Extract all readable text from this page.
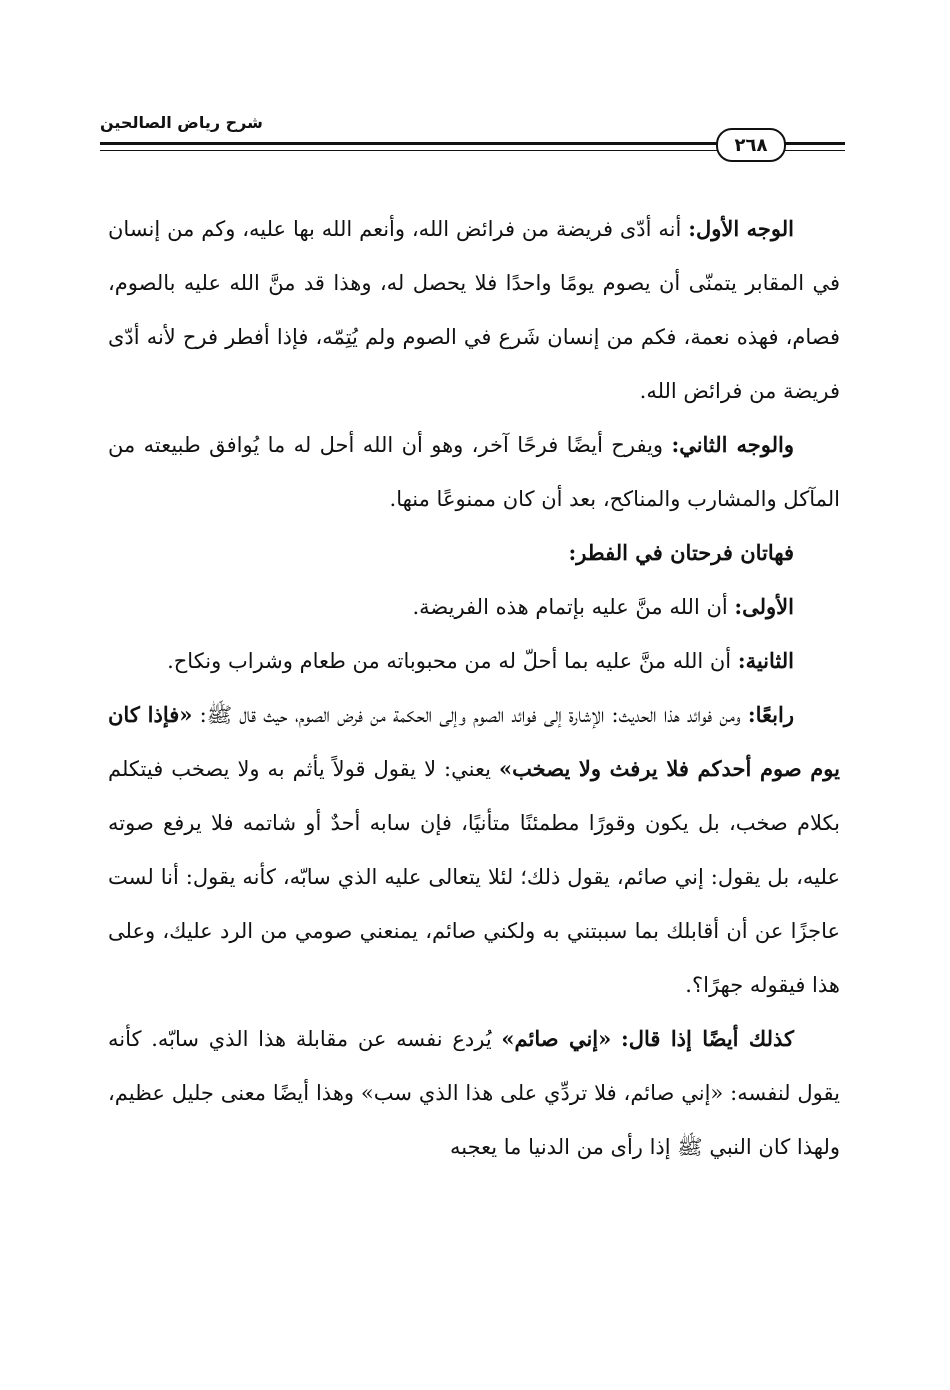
شرح رياض الصالحين
٢٦٨

الوجه الأول: أنه أدّى فريضة من فرائض الله، وأنعم الله بها عليه، وكم من إنسان في المقابر يتمنّى أن يصوم يومًا واحدًا فلا يحصل له، وهذا قد منَّ الله عليه بالصوم، فصام، فهذه نعمة، فكم من إنسان شَرع في الصوم ولم يُتِمّه، فإذا أفطر فرح لأنه أدّى فريضة من فرائض الله.

والوجه الثاني: ويفرح أيضًا فرحًا آخر، وهو أن الله أحل له ما يُوافق طبيعته من المآكل والمشارب والمناكح، بعد أن كان ممنوعًا منها.

فهاتان فرحتان في الفطر:

الأولى: أن الله منَّ عليه بإتمام هذه الفريضة.

الثانية: أن الله منَّ عليه بما أحلّ له من محبوباته من طعام وشراب ونكاح.

رابعًا: ومن فوائد هذا الحديث: الإشارة إلى فوائد الصوم وإلى الحكمة من فرض الصوم، حيث قال ﷺ: «فإذا كان يوم صوم أحدكم فلا يرفث ولا يصخب» يعني: لا يقول قولاً يأثم به ولا يصخب فيتكلم بكلام صخب، بل يكون وقورًا مطمئنًا متأنيًا، فإن سابه أحدٌ أو شاتمه فلا يرفع صوته عليه، بل يقول: إني صائم، يقول ذلك؛ لئلا يتعالى عليه الذي سابّه، كأنه يقول: أنا لست عاجزًا عن أن أقابلك بما سببتني به ولكني صائم، يمنعني صومي من الرد عليك، وعلى هذا فيقوله جهرًا؟.

كذلك أيضًا إذا قال: «إني صائم» يُردع نفسه عن مقابلة هذا الذي سابّه. كأنه يقول لنفسه: «إني صائم، فلا تردِّي على هذا الذي سب» وهذا أيضًا معنى جليل عظيم، ولهذا كان النبي ﷺ إذا رأى من الدنيا ما يعجبه
